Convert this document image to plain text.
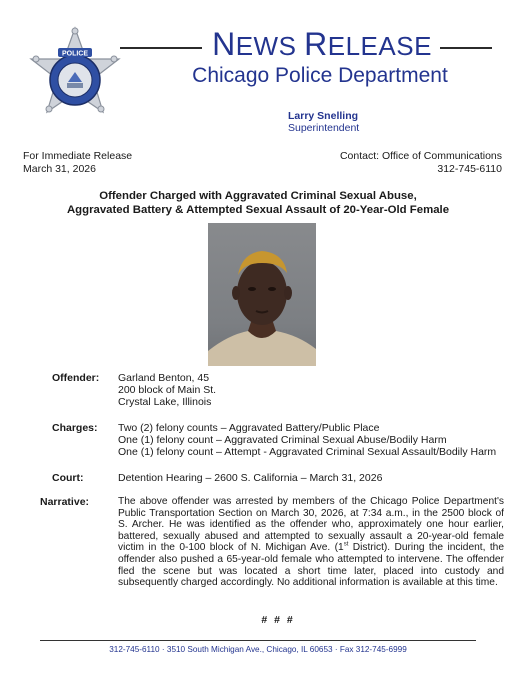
POLICE	NEWS RELEASE
Chicago Police Department
Larry Snelling
Superintendent
For Immediate Release
March 31, 2026
Contact: Office of Communications
312-745-6110
Offender Charged with Aggravated Criminal Sexual Abuse,
Aggravated Battery & Attempted Sexual Assault of 20-Year-Old Female
Offender: Garland Benton, 45
200 block of Main St.
Crystal Lake, Illinois
Charges: Two (2) felony counts – Aggravated Battery/Public Place
One (1) felony count – Aggravated Criminal Sexual Abuse/Bodily Harm
One (1) felony count – Attempt - Aggravated Criminal Sexual Assault/Bodily Harm
Court:	Detention Hearing – 2600 S. California – March 31, 2026
Narrative:	The above offender was arrested by members of the Chicago Police Department's Public Transportation Section on March 30, 2026, at 7:34 a.m., in the 2500 block of S. Archer. He was identified as the offender who, approximately one hour earlier, battered, sexually abused and attempted to sexually assault a 20-year-old female victim in the 0-100 block of N. Michigan Ave. (1st District). During the incident, the offender also pushed a 65-year-old female who attempted to intervene. The offender fled the scene but was located a short time later, placed into custody and subsequently charged accordingly. No additional information is available at this time.
# # #
312-745-6110 · 3510 South Michigan Ave., Chicago, IL 60653 · Fax 312-745-6999
